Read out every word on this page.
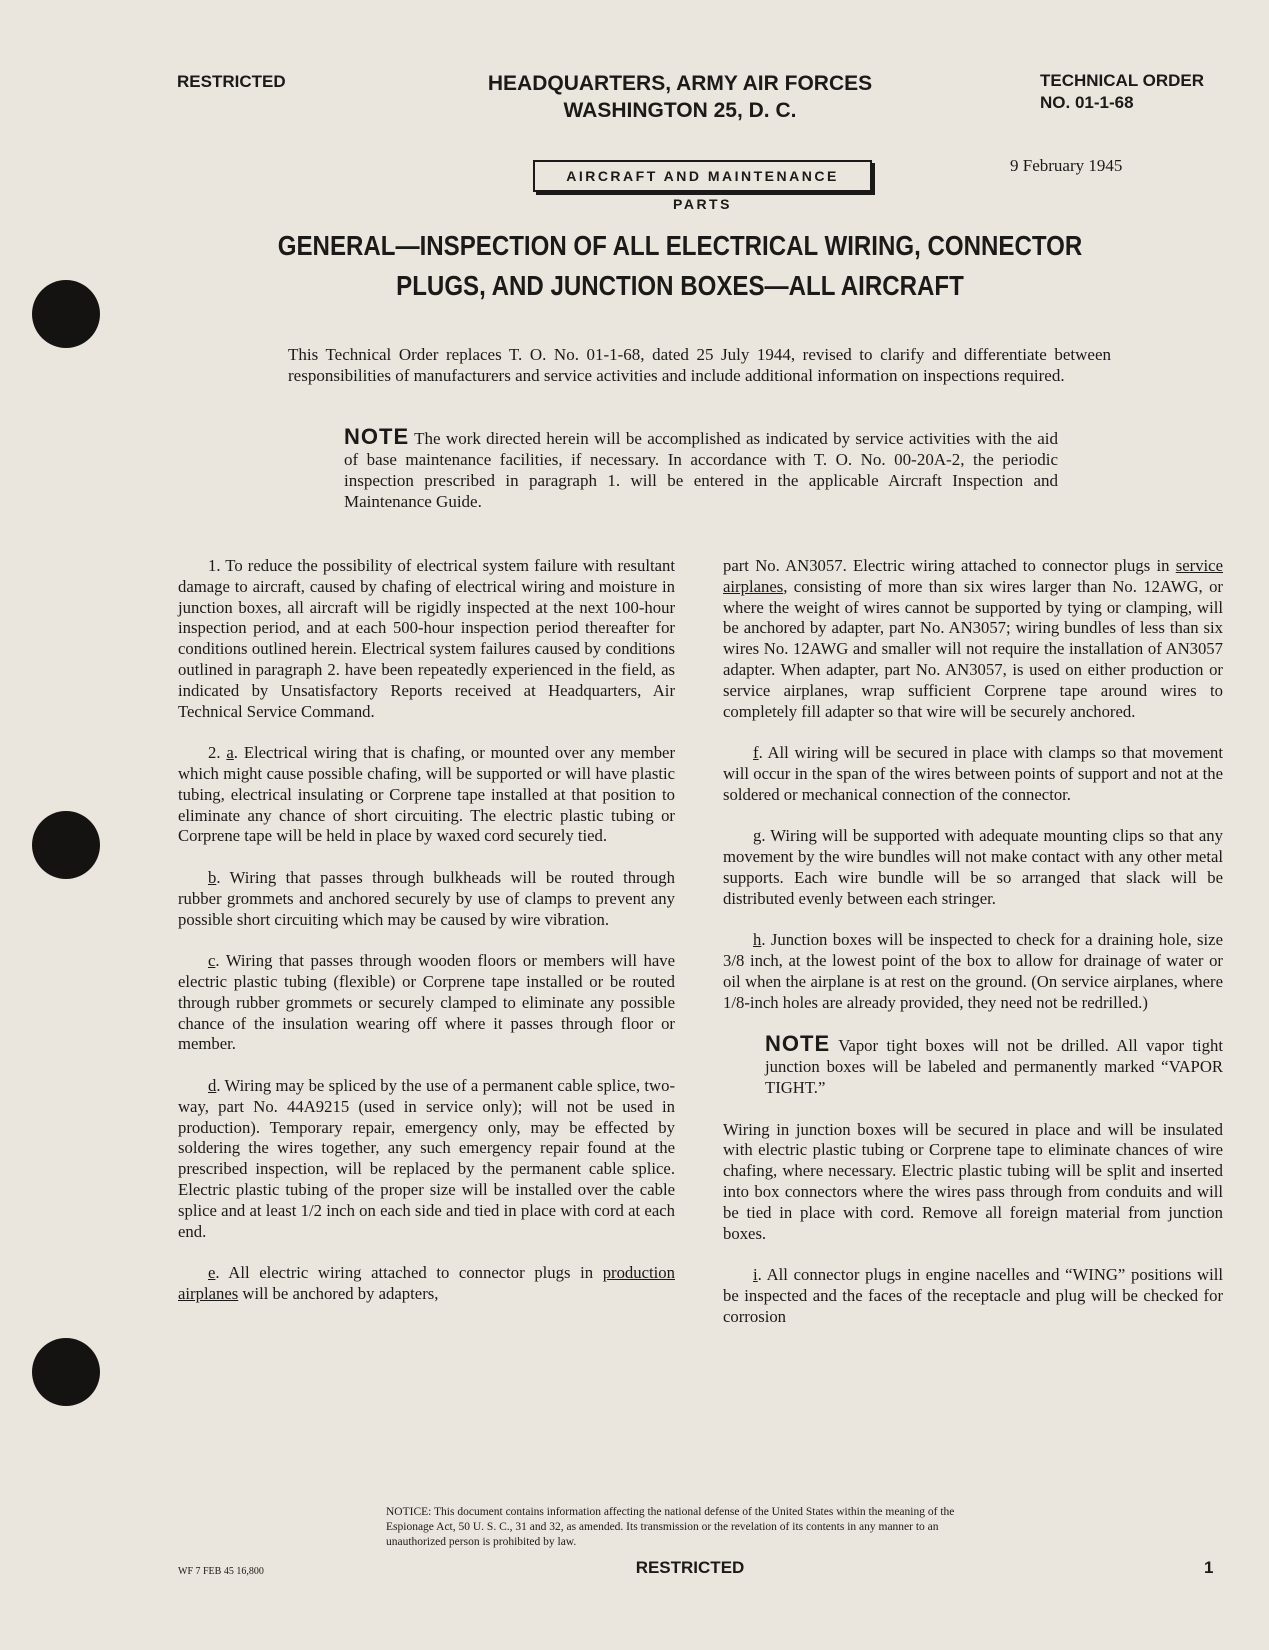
RESTRICTED	HEADQUARTERS, ARMY AIR FORCES
WASHINGTON 25, D. C.
TECHNICAL ORDER
NO. 01-1-68
AIRCRAFT AND MAINTENANCE PARTS
9 February 1945
GENERAL—INSPECTION OF ALL ELECTRICAL WIRING, CONNECTOR
PLUGS, AND JUNCTION BOXES—ALL AIRCRAFT
This Technical Order replaces T. O. No. 01-1-68, dated 25 July 1944, revised to clarify and differentiate between responsibilities of manufacturers and service activities and include additional information on inspections required.
NOTE The work directed herein will be accomplished as indicated by service activities with the aid of base maintenance facilities, if necessary. In accordance with T. O. No. 00-20A-2, the periodic inspection prescribed in paragraph 1. will be entered in the applicable Aircraft Inspection and Maintenance Guide.

1. To reduce the possibility of electrical system failure with resultant damage to aircraft, caused by chafing of electrical wiring and moisture in junction boxes, all aircraft will be rigidly inspected at the next 100-hour inspection period, and at each 500-hour inspection period thereafter for conditions outlined herein. Electrical system failures caused by conditions outlined in paragraph 2. have been repeatedly experienced in the field, as indicated by Unsatisfactory Reports received at Headquarters, Air Technical Service Command.

2. a. Electrical wiring that is chafing, or mounted over any member which might cause possible chafing, will be supported or will have plastic tubing, electrical insulating or Corprene tape installed at that position to eliminate any chance of short circuiting. The electric plastic tubing or Corprene tape will be held in place by waxed cord securely tied.

b. Wiring that passes through bulkheads will be routed through rubber grommets and anchored securely by use of clamps to prevent any possible short circuiting which may be caused by wire vibration.

c. Wiring that passes through wooden floors or members will have electric plastic tubing (flexible) or Corprene tape installed or be routed through rubber grommets or securely clamped to eliminate any possible chance of the insulation wearing off where it passes through floor or member.

d. Wiring may be spliced by the use of a permanent cable splice, two-way, part No. 44A9215 (used in service only); will not be used in production). Temporary repair, emergency only, may be effected by soldering the wires together, any such emergency repair found at the prescribed inspection, will be replaced by the permanent cable splice. Electric plastic tubing of the proper size will be installed over the cable splice and at least 1/2 inch on each side and tied in place with cord at each end.

e. All electric wiring attached to connector plugs in production airplanes will be anchored by adapters,

part No. AN3057. Electric wiring attached to connector plugs in service airplanes, consisting of more than six wires larger than No. 12AWG, or where the weight of wires cannot be supported by tying or clamping, will be anchored by adapter, part No. AN3057; wiring bundles of less than six wires No. 12AWG and smaller will not require the installation of AN3057 adapter. When adapter, part No. AN3057, is used on either production or service airplanes, wrap sufficient Corprene tape around wires to completely fill adapter so that wire will be securely anchored.

f. All wiring will be secured in place with clamps so that movement will occur in the span of the wires between points of support and not at the soldered or mechanical connection of the connector.

g. Wiring will be supported with adequate mounting clips so that any movement by the wire bundles will not make contact with any other metal supports. Each wire bundle will be so arranged that slack will be distributed evenly between each stringer.

h. Junction boxes will be inspected to check for a draining hole, size 3/8 inch, at the lowest point of the box to allow for drainage of water or oil when the airplane is at rest on the ground. (On service airplanes, where 1/8-inch holes are already provided, they need not be redrilled.)

NOTE Vapor tight boxes will not be drilled. All vapor tight junction boxes will be labeled and permanently marked “VAPOR TIGHT.”

Wiring in junction boxes will be secured in place and will be insulated with electric plastic tubing or Corprene tape to eliminate chances of wire chafing, where necessary. Electric plastic tubing will be split and inserted into box connectors where the wires pass through from conduits and will be tied in place with cord. Remove all foreign material from junction boxes.

i. All connector plugs in engine nacelles and “WING” positions will be inspected and the faces of the receptacle and plug will be checked for corrosion

NOTICE: This document contains information affecting the national defense of the United States within the meaning of the Espionage Act, 50 U. S. C., 31 and 32, as amended. Its transmission or the revelation of its contents in any manner to an unauthorized person is prohibited by law.
WF 7 FEB 45 16,800	RESTRICTED	1
